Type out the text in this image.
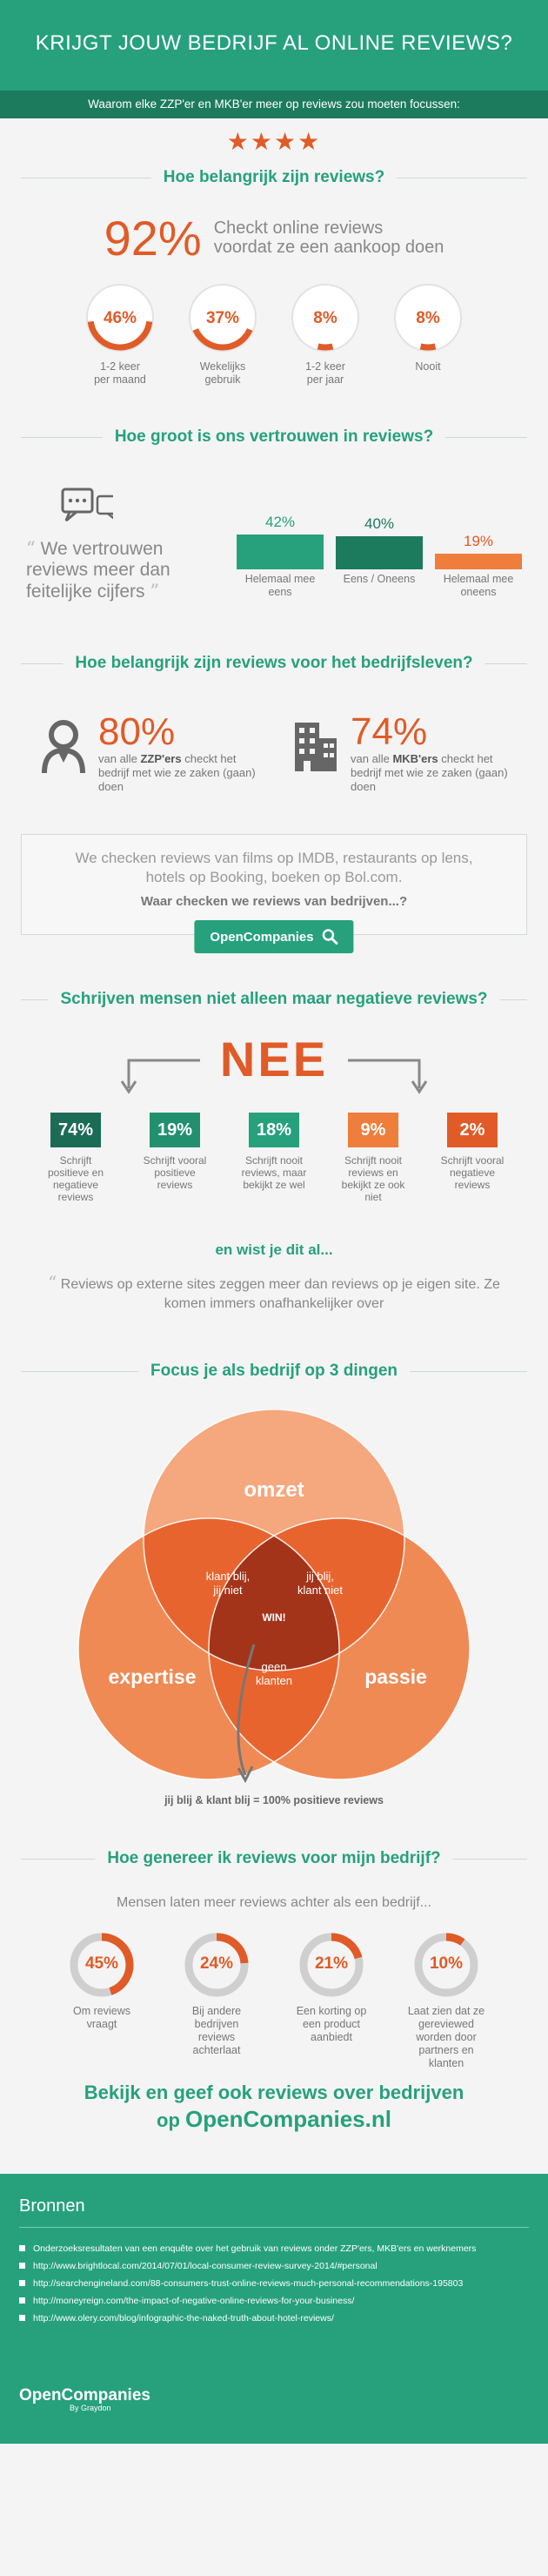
KRIJGT JOUW BEDRIJF AL ONLINE REVIEWS?
Waarom elke ZZP'er en MKB'er meer op reviews zou moeten focussen:
★★★★
Hoe belangrijk zijn reviews?
92% Checkt online reviews
voordat ze een aankoop doen
46%
1-2 keer
per maand
37%
Wekelijks
gebruik
8%
1-2 keer
per jaar
8%
Nooit
Hoe groot is ons vertrouwen in reviews?
“ We vertrouwen reviews meer dan feitelijke cijfers ”
42%
Helemaal mee
eens
40%
Eens / Oneens
19%
Helemaal mee
oneens
Hoe belangrijk zijn reviews voor het bedrijfsleven?
80%
van alle ZZP'ers checkt het bedrijf met wie ze zaken (gaan) doen
74%
van alle MKB'ers checkt het bedrijf met wie ze zaken (gaan) doen
We checken reviews van films op IMDB, restaurants op lens,
hotels op Booking, boeken op Bol.com.
Waar checken we reviews van bedrijven...?
OpenCompanies
Schrijven mensen niet alleen maar negatieve reviews?
NEE
74%
Schrijft positieve en negatieve reviews
19%
Schrijft vooral positieve reviews
18%
Schrijft nooit reviews, maar bekijkt ze wel
9%
Schrijft nooit reviews en bekijkt ze ook niet
2%
Schrijft vooral negatieve reviews
en wist je dit al...
“ Reviews op externe sites zeggen meer dan reviews op je eigen site. Ze komen immers onafhankelijker over
Focus je als bedrijf op 3 dingen
omzet
expertise	passie
WIN!
klant blij, jij niet
jij blij, klant niet
geen klanten
jij blij & klant blij = 100% positieve reviews
Hoe genereer ik reviews voor mijn bedrijf?
Mensen laten meer reviews achter als een bedrijf...
45%
Om reviews vraagt
24%
Bij andere bedrijven reviews achterlaat
21%
Een korting op een product aanbiedt
10%
Laat zien dat ze gereviewed worden door partners en klanten
Bekijk en geef ook reviews over bedrijven
op OpenCompanies.nl
Bronnen
Onderzoeksresultaten van een enquête over het gebruik van reviews onder ZZP'ers, MKB'ers en werknemers
http://www.brightlocal.com/2014/07/01/local-consumer-review-survey-2014/#personal
http://searchengineland.com/88-consumers-trust-online-reviews-much-personal-recommendations-195803
http://moneyreign.com/the-impact-of-negative-online-reviews-for-your-business/
http://www.olery.com/blog/infographic-the-naked-truth-about-hotel-reviews/
OpenCompanies
By Graydon
